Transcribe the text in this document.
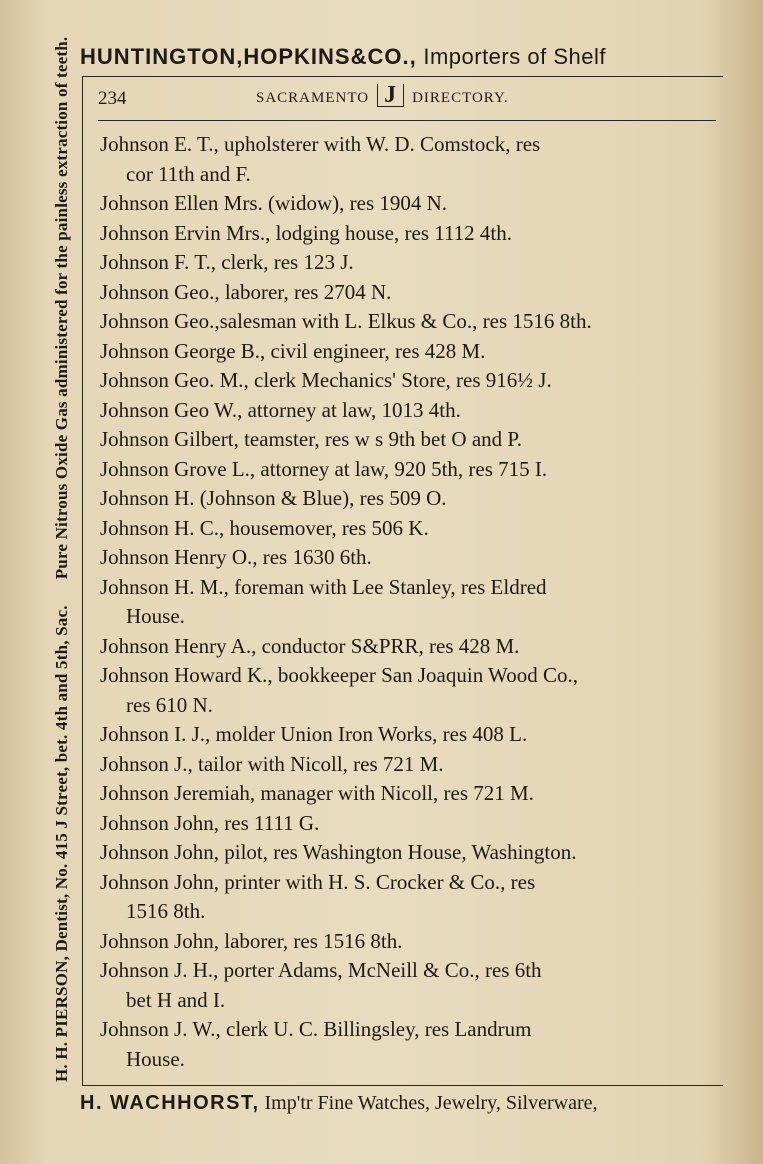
HUNTINGTON,HOPKINS&CO., Importers of Shelf
H. H. PIERSON, Dentist, No. 415 J Street, bet. 4th and 5th, Sac.
Pure Nitrous Oxide Gas administered for the painless extraction of teeth.	234	SACRAMENTO J	DIRECTORY.
Johnson E. T., upholsterer with W. D. Comstock, res
cor 11th and F.
Johnson Ellen Mrs. (widow), res 1904 N.
Johnson Ervin Mrs., lodging house, res 1112 4th.
Johnson F. T., clerk, res 123 J.
Johnson Geo., laborer, res 2704 N.
Johnson Geo.,salesman with L. Elkus & Co., res 1516 8th.
Johnson George B., civil engineer, res 428 M.
Johnson Geo. M., clerk Mechanics' Store, res 916½ J.
Johnson Geo W., attorney at law, 1013 4th.
Johnson Gilbert, teamster, res w s 9th bet O and P.
Johnson Grove L., attorney at law, 920 5th, res 715 I.
Johnson H. (Johnson & Blue), res 509 O.
Johnson H. C., housemover, res 506 K.
Johnson Henry O., res 1630 6th.
Johnson H. M., foreman with Lee Stanley, res Eldred
House.
Johnson Henry A., conductor S&PRR, res 428 M.
Johnson Howard K., bookkeeper San Joaquin Wood Co.,
res 610 N.
Johnson I. J., molder Union Iron Works, res 408 L.
Johnson J., tailor with Nicoll, res 721 M.
Johnson Jeremiah, manager with Nicoll, res 721 M.
Johnson John, res 1111 G.
Johnson John, pilot, res Washington House, Washington.
Johnson John, printer with H. S. Crocker & Co., res
1516 8th.
Johnson John, laborer, res 1516 8th.
Johnson J. H., porter Adams, McNeill & Co., res 6th
bet H and I.
Johnson J. W., clerk U. C. Billingsley, res Landrum
House.
H. WACHHORST, Imp'tr Fine Watches, Jewelry, Silverware,
